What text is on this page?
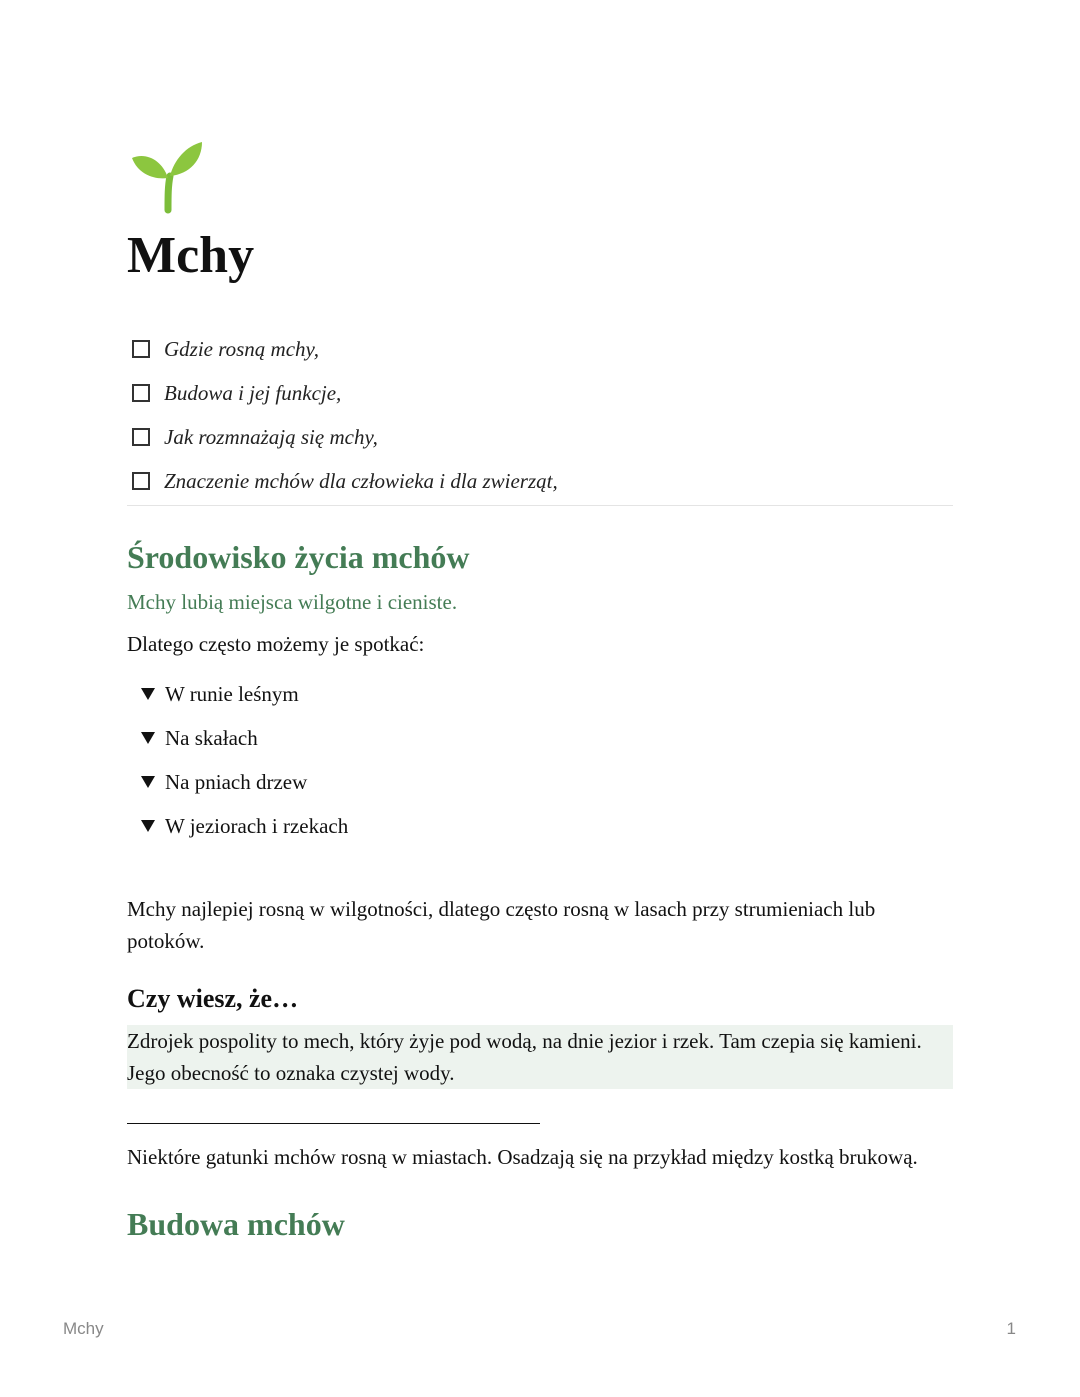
Mchy
Gdzie rosną mchy,
Budowa i jej funkcje,
Jak rozmnażają się mchy,
Znaczenie mchów dla człowieka i dla zwierząt,
Środowisko życia mchów
Mchy lubią miejsca wilgotne i cieniste.
Dlatego często możemy je spotkać:
W runie leśnym
Na skałach
Na pniach drzew
W jeziorach i rzekach
Mchy najlepiej rosną w wilgotności, dlatego często rosną w lasach przy strumieniach lub potoków.
Czy wiesz, że…
Zdrojek pospolity to mech, który żyje pod wodą, na dnie jezior i rzek. Tam czepia się kamieni. Jego obecność to oznaka czystej wody.
Niektóre gatunki mchów rosną w miastach. Osadzają się na przykład między kostką brukową.
Budowa mchów
Mchy	1
